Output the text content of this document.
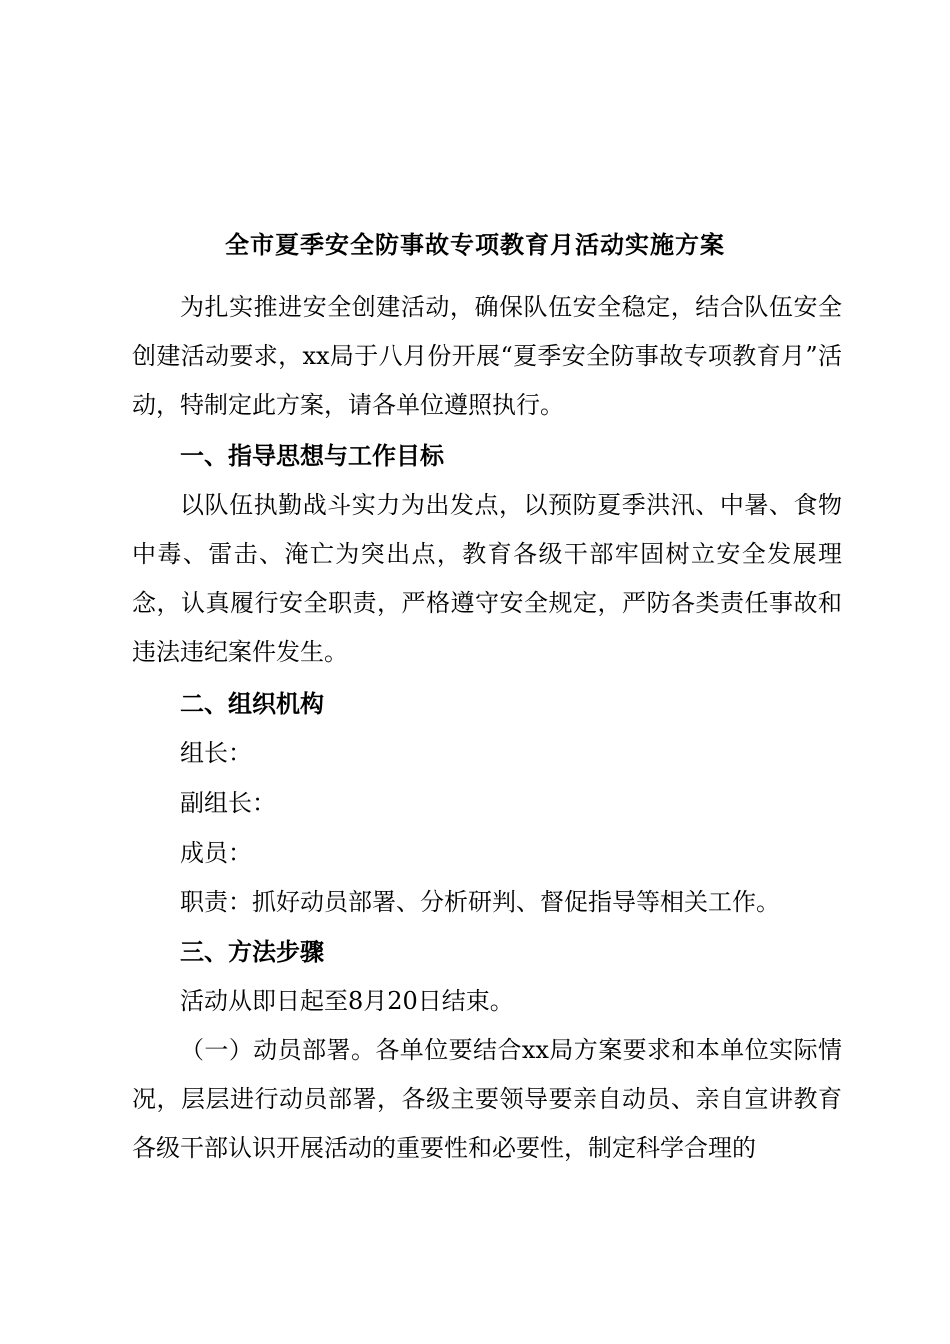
全市夏季安全防事故专项教育月活动实施方案

为扎实推进安全创建活动，确保队伍安全稳定，结合队伍安全创建活动要求，xx局于八月份开展“夏季安全防事故专项教育月”活动，特制定此方案，请各单位遵照执行。

一、指导思想与工作目标

以队伍执勤战斗实力为出发点，以预防夏季洪汛、中暑、食物中毒、雷击、淹亡为突出点，教育各级干部牢固树立安全发展理念，认真履行安全职责，严格遵守安全规定，严防各类责任事故和违法违纪案件发生。

二、组织机构

组长：

副组长：

成员：

职责：抓好动员部署、分析研判、督促指导等相关工作。

三、方法步骤

活动从即日起至8月20日结束。

（一）动员部署。各单位要结合xx局方案要求和本单位实际情况，层层进行动员部署，各级主要领导要亲自动员、亲自宣讲教育各级干部认识开展活动的重要性和必要性，制定科学合理的
